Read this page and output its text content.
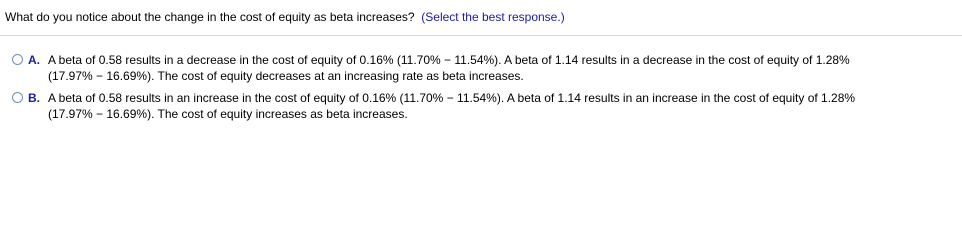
What do you notice about the change in the cost of equity as beta increases? (Select the best response.)
A. A beta of 0.58 results in a decrease in the cost of equity of 0.16% (11.70% − 11.54%). A beta of 1.14 results in a decrease in the cost of equity of 1.28%
(17.97% − 16.69%). The cost of equity decreases at an increasing rate as beta increases.
B. A beta of 0.58 results in an increase in the cost of equity of 0.16% (11.70% − 11.54%). A beta of 1.14 results in an increase in the cost of equity of 1.28%
(17.97% − 16.69%). The cost of equity increases as beta increases.
